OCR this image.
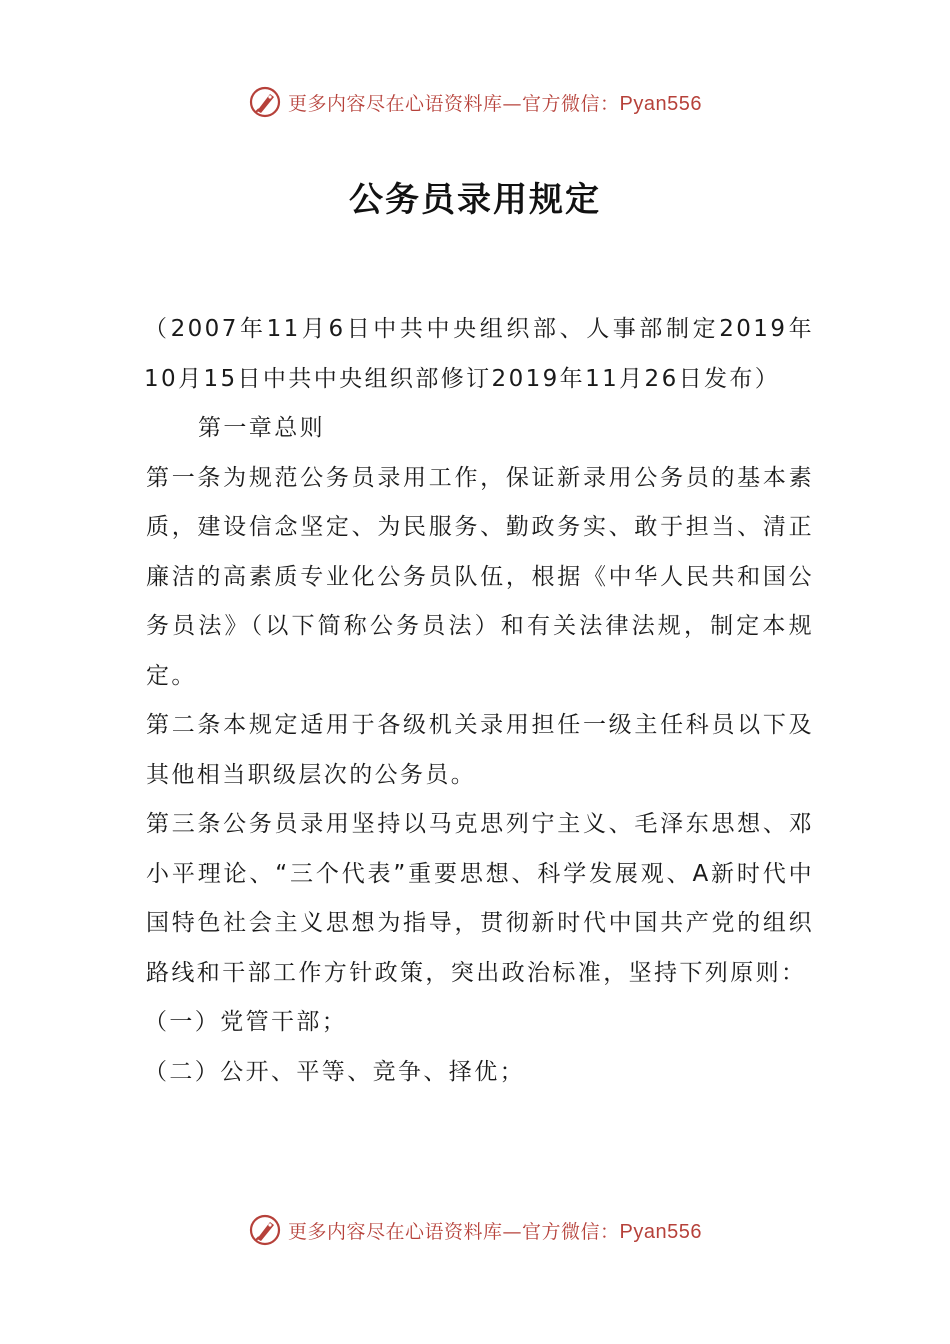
更多内容尽在心语资料库—官方微信：Pyan556
公务员录用规定

（2007年11月6日中共中央组织部、人事部制定2019年10月15日中共中央组织部修订2019年11月26日发布）

第一章总则

第一条为规范公务员录用工作，保证新录用公务员的基本素质，建设信念坚定、为民服务、勤政务实、敢于担当、清正廉洁的高素质专业化公务员队伍，根据《中华人民共和国公务员法》（以下简称公务员法）和有关法律法规，制定本规定。

第二条本规定适用于各级机关录用担任一级主任科员以下及其他相当职级层次的公务员。

第三条公务员录用坚持以马克思列宁主义、毛泽东思想、邓小平理论、“三个代表”重要思想、科学发展观、A新时代中国特色社会主义思想为指导，贯彻新时代中国共产党的组织路线和干部工作方针政策，突出政治标准，坚持下列原则：

（一）党管干部；

（二）公开、平等、竞争、择优；

更多内容尽在心语资料库—官方微信：Pyan556
